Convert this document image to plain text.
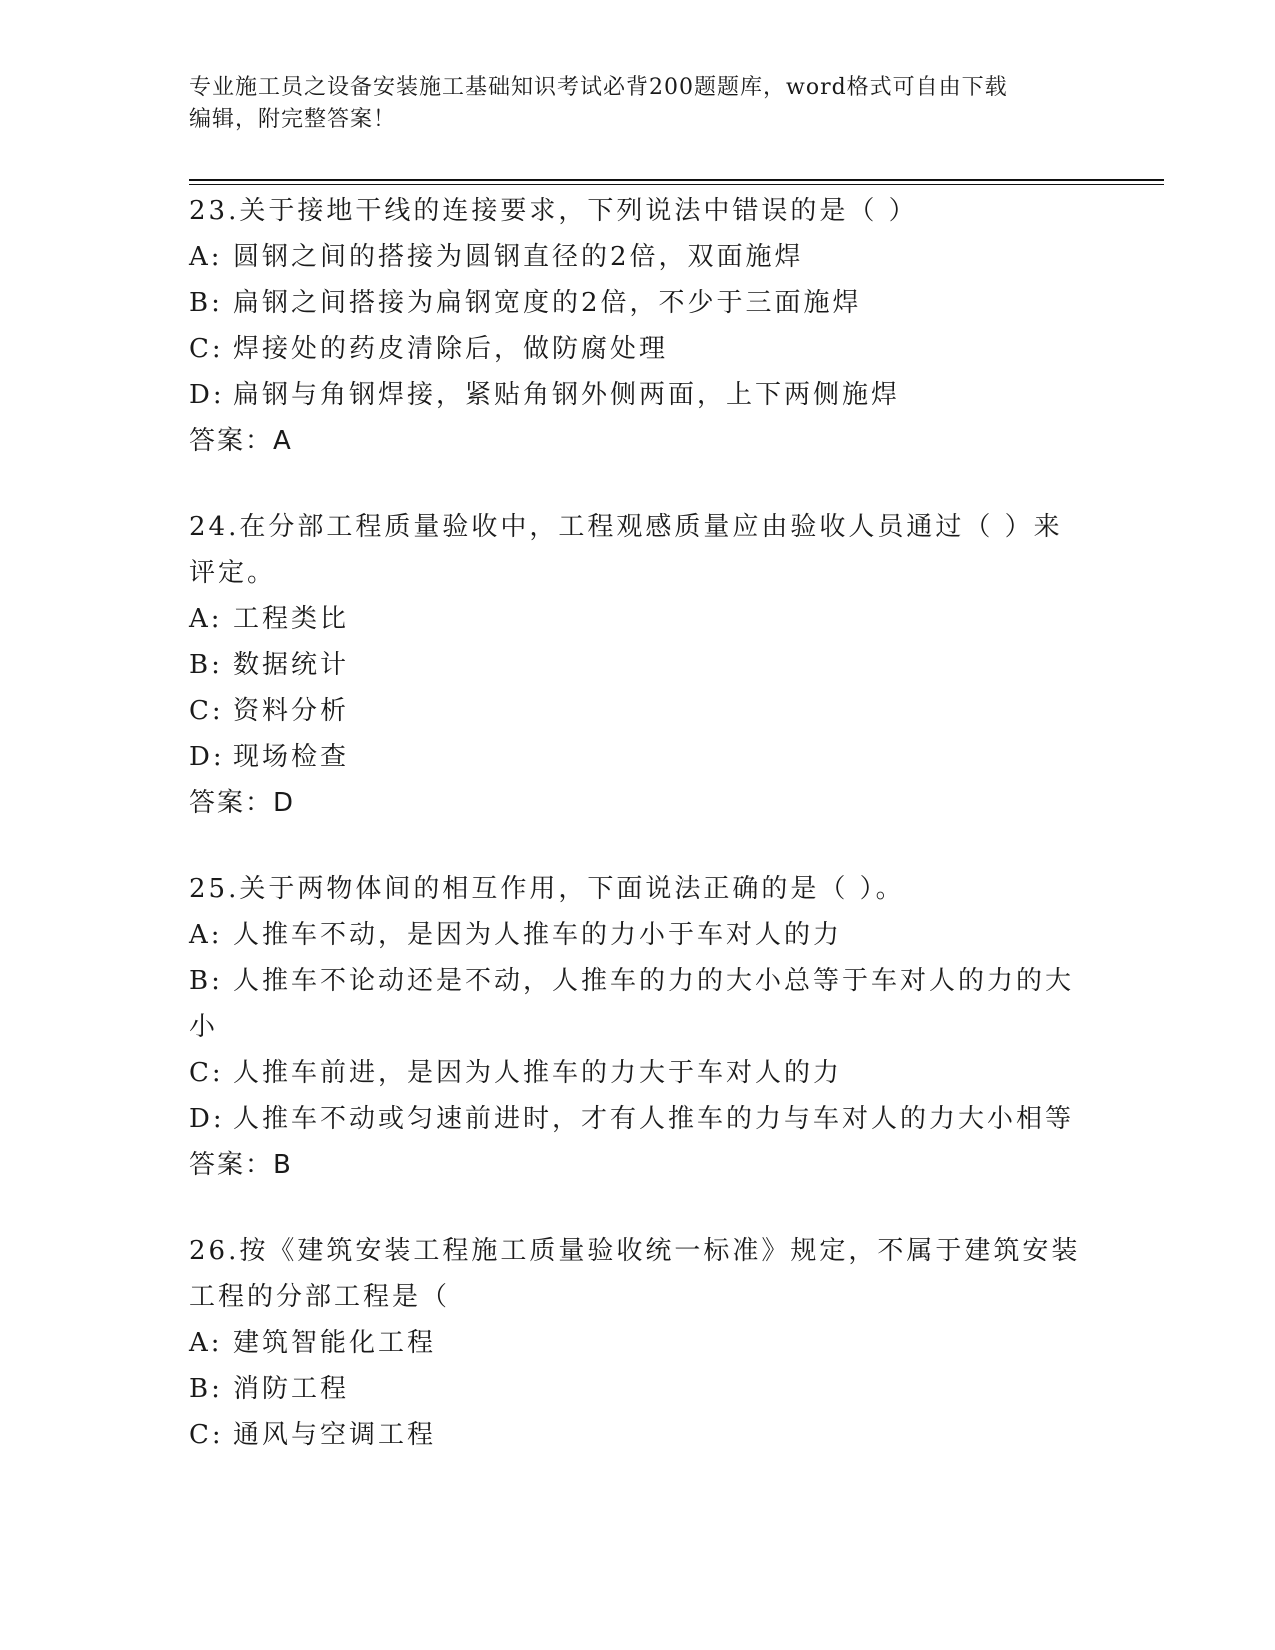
专业施工员之设备安装施工基础知识考试必背200题题库，word格式可自由下载
编辑，附完整答案！
23.关于接地干线的连接要求，下列说法中错误的是（ ）
A: 圆钢之间的搭接为圆钢直径的2倍，双面施焊
B: 扁钢之间搭接为扁钢宽度的2倍，不少于三面施焊
C: 焊接处的药皮清除后，做防腐处理
D: 扁钢与角钢焊接，紧贴角钢外侧两面，上下两侧施焊
答案：A
24.在分部工程质量验收中，工程观感质量应由验收人员通过（ ）来评定。
A: 工程类比
B: 数据统计
C: 资料分析
D: 现场检查
答案：D
25.关于两物体间的相互作用，下面说法正确的是（ ）。
A: 人推车不动，是因为人推车的力小于车对人的力
B: 人推车不论动还是不动，人推车的力的大小总等于车对人的力的大小
C: 人推车前进，是因为人推车的力大于车对人的力
D: 人推车不动或匀速前进时，才有人推车的力与车对人的力大小相等
答案：B
26.按《建筑安装工程施工质量验收统一标准》规定，不属于建筑安装工程的分部工程是（
A: 建筑智能化工程
B: 消防工程
C: 通风与空调工程
